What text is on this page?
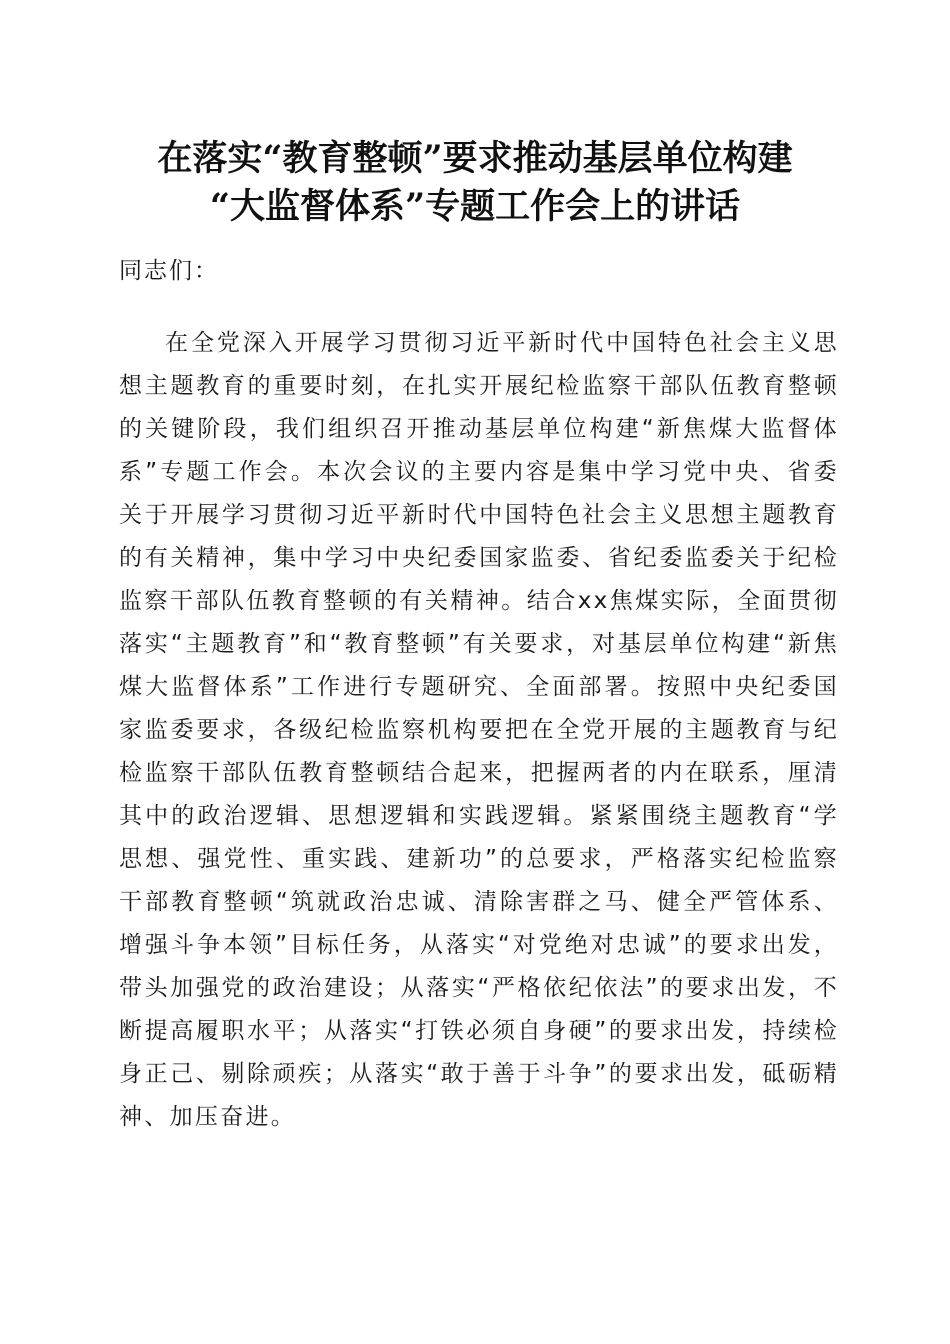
在落实“教育整顿”要求推动基层单位构建
“大监督体系”专题工作会上的讲话

同志们：

在全党深入开展学习贯彻习近平新时代中国特色社会主义思想主题教育的重要时刻，在扎实开展纪检监察干部队伍教育整顿的关键阶段，我们组织召开推动基层单位构建“新焦煤大监督体系”专题工作会。本次会议的主要内容是集中学习党中央、省委关于开展学习贯彻习近平新时代中国特色社会主义思想主题教育的有关精神，集中学习中央纪委国家监委、省纪委监委关于纪检监察干部队伍教育整顿的有关精神。结合xx焦煤实际，全面贯彻落实“主题教育”和“教育整顿”有关要求，对基层单位构建“新焦煤大监督体系”工作进行专题研究、全面部署。按照中央纪委国家监委要求，各级纪检监察机构要把在全党开展的主题教育与纪检监察干部队伍教育整顿结合起来，把握两者的内在联系，厘清其中的政治逻辑、思想逻辑和实践逻辑。紧紧围绕主题教育“学思想、强党性、重实践、建新功”的总要求，严格落实纪检监察干部教育整顿“筑就政治忠诚、清除害群之马、健全严管体系、增强斗争本领”目标任务，从落实“对党绝对忠诚”的要求出发，带头加强党的政治建设；从落实“严格依纪依法”的要求出发，不断提高履职水平；从落实“打铁必须自身硬”的要求出发，持续检身正己、剔除顽疾；从落实“敢于善于斗争”的要求出发，砥砺精神、加压奋进。
